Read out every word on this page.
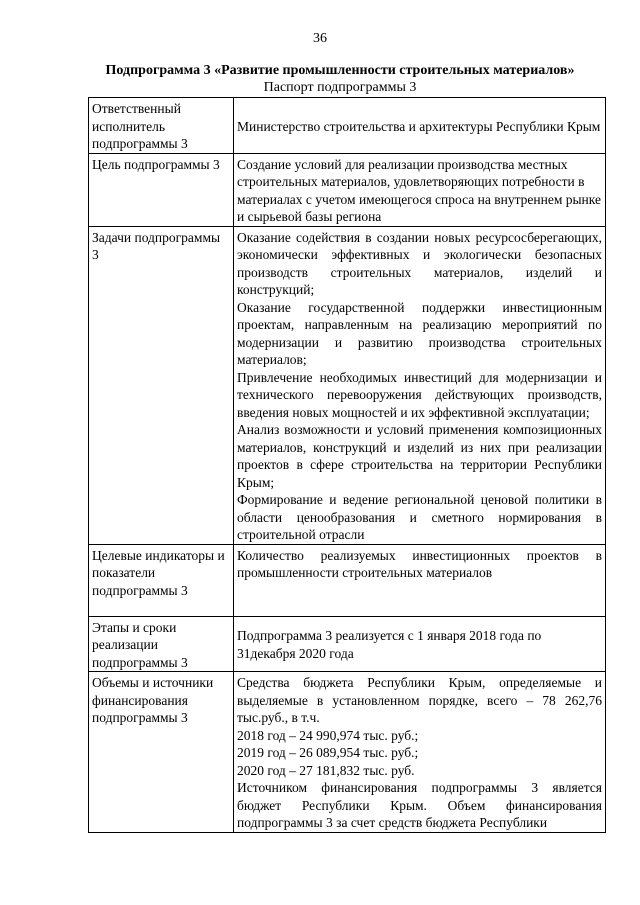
36
Подпрограмма 3 «Развитие промышленности строительных материалов»
Паспорт подпрограммы 3
Ответственный исполнитель подпрограммы 3	Министерство строительства и архитектуры Республики Крым

Цель подпрограммы 3	Создание условий для реализации производства местных строительных материалов, удовлетворяющих потребности в материалах с учетом имеющегося спроса на внутреннем рынке и сырьевой базы региона

Задачи подпрограммы 3	Оказание содействия в создании новых ресурсосберегающих, экономически эффективных и экологически безопасных производств строительных материалов, изделий и конструкций;

Оказание государственной поддержки инвестиционным проектам, направленным на реализацию мероприятий по модернизации и развитию производства строительных материалов;

Привлечение необходимых инвестиций для модернизации и технического перевооружения действующих производств, введения новых мощностей и их эффективной эксплуатации;

Анализ возможности и условий применения композиционных материалов, конструкций и изделий из них при реализации проектов в сфере строительства на территории Республики Крым;

Формирование и ведение региональной ценовой политики в области ценообразования и сметного нормирования в строительной отрасли

Целевые индикаторы и показатели подпрограммы 3	Количество реализуемых инвестиционных проектов в промышленности строительных материалов

Этапы и сроки реализации подпрограммы 3	Подпрограмма 3 реализуется с 1 января 2018 года по 31декабря 2020 года

Объемы и источники финансирования подпрограммы 3	Средства бюджета Республики Крым, определяемые и выделяемые в установленном порядке, всего – 78 262,76 тыс.руб., в т.ч.

2018 год – 24 990,974 тыс. руб.;

2019 год – 26 089,954 тыс. руб.;

2020 год – 27 181,832 тыс. руб.

Источником финансирования подпрограммы 3 является бюджет Республики Крым. Объем финансирования подпрограммы 3 за счет средств бюджета Республики
